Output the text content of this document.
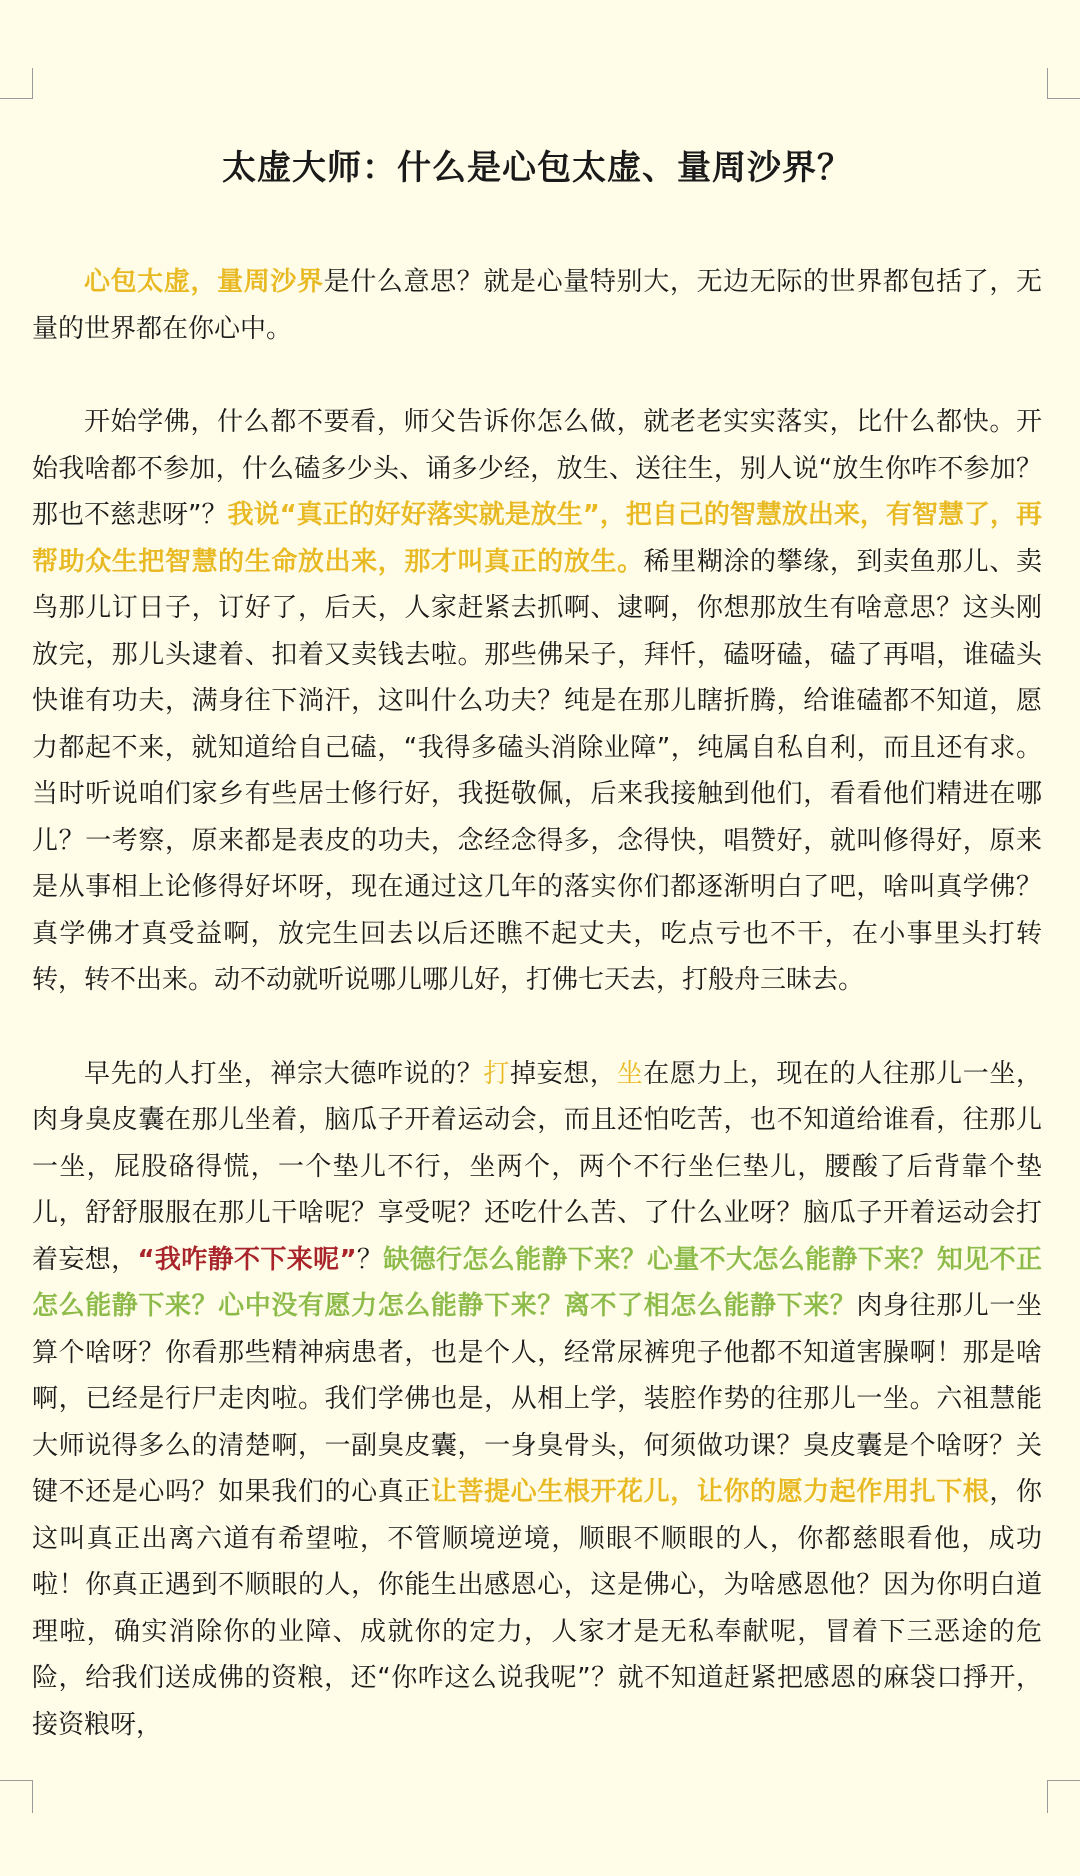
太虚大师：什么是心包太虚、量周沙界？

心包太虚，量周沙界是什么意思？就是心量特别大，无边无际的世界都包括了，无量的世界都在你心中。

开始学佛，什么都不要看，师父告诉你怎么做，就老老实实落实，比什么都快。开始我啥都不参加，什么磕多少头、诵多少经，放生、送往生，别人说“放生你咋不参加？那也不慈悲呀”？我说“真正的好好落实就是放生”，把自己的智慧放出来，有智慧了，再帮助众生把智慧的生命放出来，那才叫真正的放生。稀里糊涂的攀缘，到卖鱼那儿、卖鸟那儿订日子，订好了，后天，人家赶紧去抓啊、逮啊，你想那放生有啥意思？这头刚放完，那儿头逮着、扣着又卖钱去啦。那些佛呆子，拜忏，磕呀磕，磕了再唱，谁磕头快谁有功夫，满身往下淌汗，这叫什么功夫？纯是在那儿瞎折腾，给谁磕都不知道，愿力都起不来，就知道给自己磕，“我得多磕头消除业障”，纯属自私自利，而且还有求。当时听说咱们家乡有些居士修行好，我挺敬佩，后来我接触到他们，看看他们精进在哪儿？一考察，原来都是表皮的功夫，念经念得多，念得快，唱赞好，就叫修得好，原来是从事相上论修得好坏呀，现在通过这几年的落实你们都逐渐明白了吧，啥叫真学佛？真学佛才真受益啊，放完生回去以后还瞧不起丈夫，吃点亏也不干，在小事里头打转转，转不出来。动不动就听说哪儿哪儿好，打佛七天去，打般舟三昧去。

早先的人打坐，禅宗大德咋说的？打掉妄想，坐在愿力上，现在的人往那儿一坐，肉身臭皮囊在那儿坐着，脑瓜子开着运动会，而且还怕吃苦，也不知道给谁看，往那儿一坐，屁股硌得慌，一个垫儿不行，坐两个，两个不行坐仨垫儿，腰酸了后背靠个垫儿，舒舒服服在那儿干啥呢？享受呢？还吃什么苦、了什么业呀？脑瓜子开着运动会打着妄想，“我咋静不下来呢”？缺德行怎么能静下来？心量不大怎么能静下来？知见不正怎么能静下来？心中没有愿力怎么能静下来？离不了相怎么能静下来？肉身往那儿一坐算个啥呀？你看那些精神病患者，也是个人，经常尿裤兜子他都不知道害臊啊！那是啥啊，已经是行尸走肉啦。我们学佛也是，从相上学，装腔作势的往那儿一坐。六祖慧能大师说得多么的清楚啊，一副臭皮囊，一身臭骨头，何须做功课？臭皮囊是个啥呀？关键不还是心吗？如果我们的心真正让菩提心生根开花儿，让你的愿力起作用扎下根，你这叫真正出离六道有希望啦，不管顺境逆境，顺眼不顺眼的人，你都慈眼看他，成功啦！你真正遇到不顺眼的人，你能生出感恩心，这是佛心，为啥感恩他？因为你明白道理啦，确实消除你的业障、成就你的定力，人家才是无私奉献呢，冒着下三恶途的危险，给我们送成佛的资粮，还“你咋这么说我呢”？就不知道赶紧把感恩的麻袋口掙开，接资粮呀，
